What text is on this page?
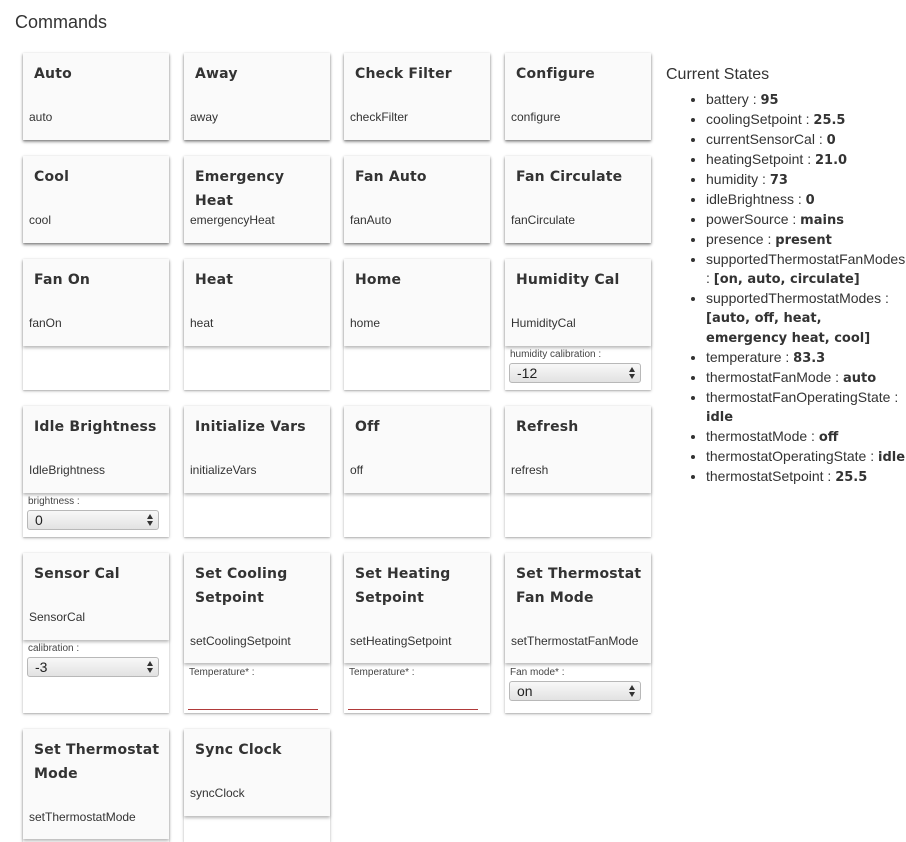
Commands
Auto
auto
Away
away
Check Filter
checkFilter
Configure
configure
Cool
cool
Emergency Heat
emergencyHeat
Fan Auto
fanAuto
Fan Circulate
fanCirculate
Fan On
fanOn
Heat
heat
Home
home
Humidity Cal
HumidityCal
humidity calibration :
-12
Idle Brightness
IdleBrightness
brightness :
0
Initialize Vars
initializeVars
Off
off
Refresh
refresh
Sensor Cal
SensorCal
calibration :
-3
Set Cooling Setpoint
setCoolingSetpoint
Temperature* :
Set Heating Setpoint
setHeatingSetpoint
Temperature* :
Set Thermostat Fan Mode
setThermostatFanMode
Fan mode* :
on
Set Thermostat Mode
setThermostatMode
Sync Clock
syncClock
Current States
• battery : 95
• coolingSetpoint : 25.5
• currentSensorCal : 0
• heatingSetpoint : 21.0
• humidity : 73
• idleBrightness : 0
• powerSource : mains
• presence : present
• supportedThermostatFanModes : [on, auto, circulate]
• supportedThermostatModes : [auto, off, heat, emergency heat, cool]
• temperature : 83.3
• thermostatFanMode : auto
• thermostatFanOperatingState : idle
• thermostatMode : off
• thermostatOperatingState : idle
• thermostatSetpoint : 25.5
